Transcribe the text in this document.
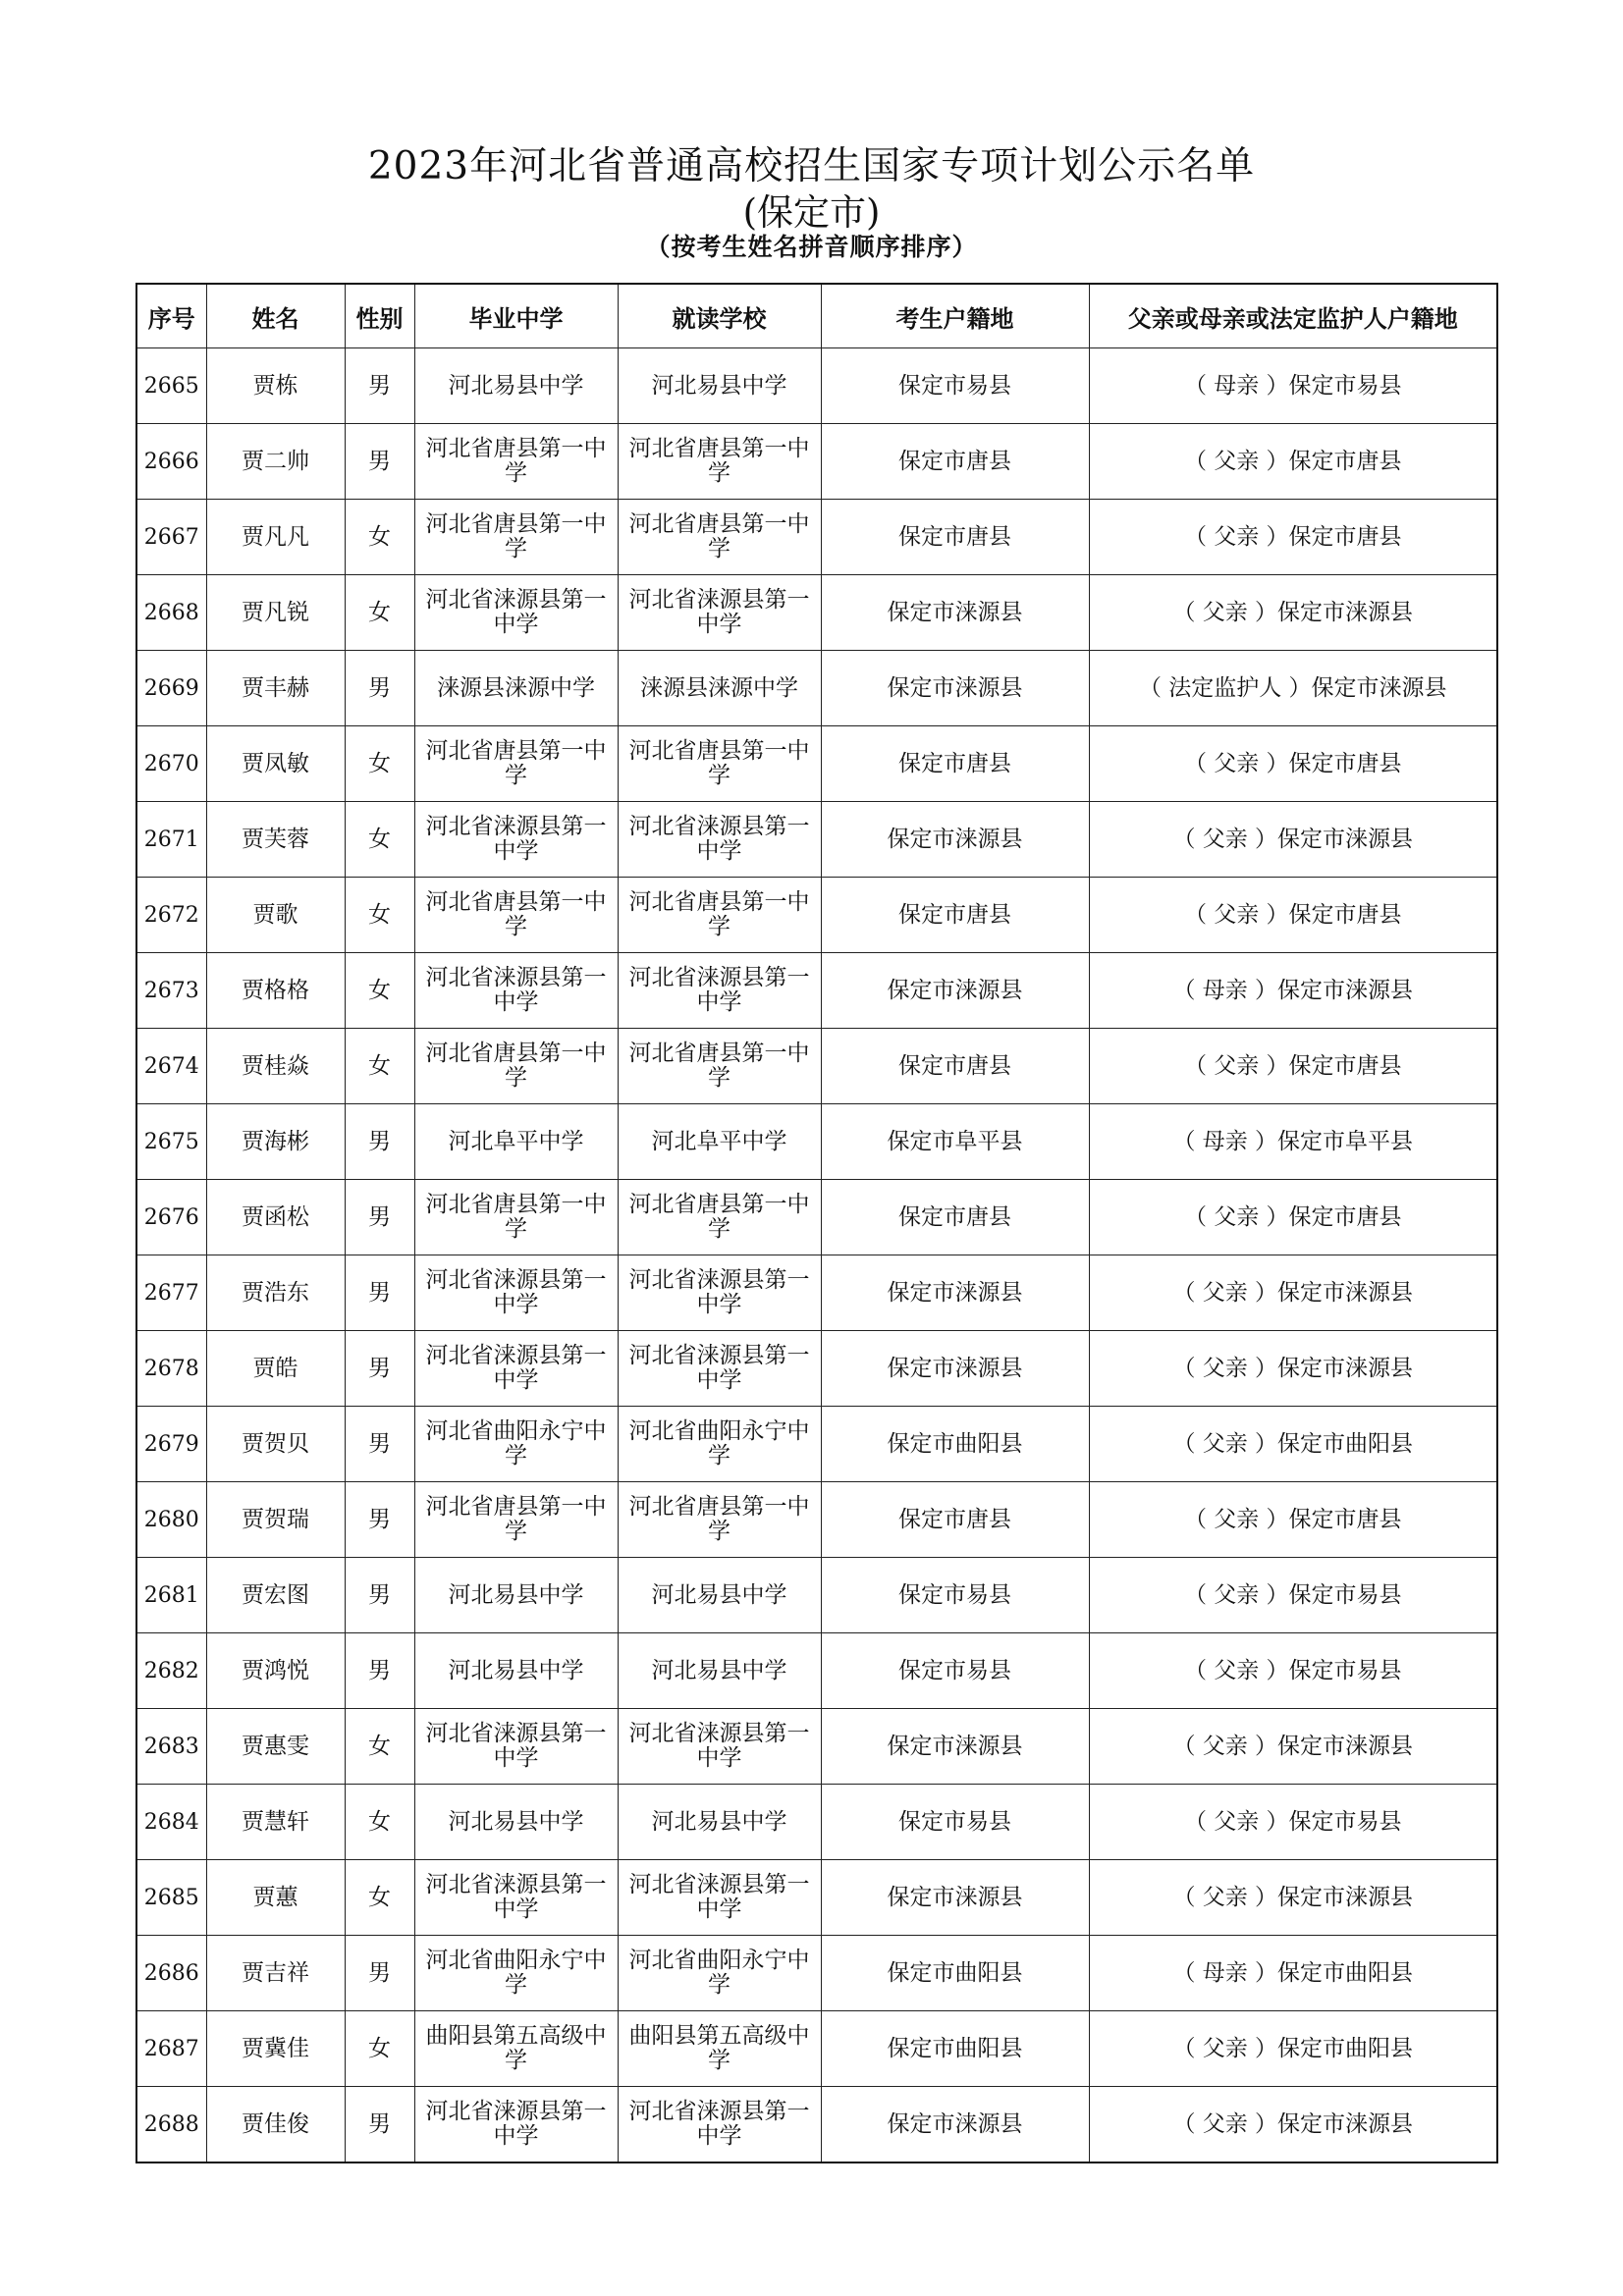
2023年河北省普通高校招生国家专项计划公示名单
(保定市)
（按考生姓名拼音顺序排序）
序号	姓名	性别	毕业中学	就读学校	考生户籍地	父亲或母亲或法定监护人户籍地
2665	贾栋	男	河北易县中学	河北易县中学	保定市易县	（ 母亲 ）保定市易县
2666	贾二帅	男	河北省唐县第一中学	河北省唐县第一中学	保定市唐县	（ 父亲 ）保定市唐县
2667	贾凡凡	女	河北省唐县第一中学	河北省唐县第一中学	保定市唐县	（ 父亲 ）保定市唐县
2668	贾凡锐	女	河北省涞源县第一中学	河北省涞源县第一中学	保定市涞源县	（ 父亲 ）保定市涞源县
2669	贾丰赫	男	涞源县涞源中学	涞源县涞源中学	保定市涞源县	（ 法定监护人 ）保定市涞源县
2670	贾凤敏	女	河北省唐县第一中学	河北省唐县第一中学	保定市唐县	（ 父亲 ）保定市唐县
2671	贾芙蓉	女	河北省涞源县第一中学	河北省涞源县第一中学	保定市涞源县	（ 父亲 ）保定市涞源县
2672	贾歌	女	河北省唐县第一中学	河北省唐县第一中学	保定市唐县	（ 父亲 ）保定市唐县
2673	贾格格	女	河北省涞源县第一中学	河北省涞源县第一中学	保定市涞源县	（ 母亲 ）保定市涞源县
2674	贾桂焱	女	河北省唐县第一中学	河北省唐县第一中学	保定市唐县	（ 父亲 ）保定市唐县
2675	贾海彬	男	河北阜平中学	河北阜平中学	保定市阜平县	（ 母亲 ）保定市阜平县
2676	贾函松	男	河北省唐县第一中学	河北省唐县第一中学	保定市唐县	（ 父亲 ）保定市唐县
2677	贾浩东	男	河北省涞源县第一中学	河北省涞源县第一中学	保定市涞源县	（ 父亲 ）保定市涞源县
2678	贾皓	男	河北省涞源县第一中学	河北省涞源县第一中学	保定市涞源县	（ 父亲 ）保定市涞源县
2679	贾贺贝	男	河北省曲阳永宁中学	河北省曲阳永宁中学	保定市曲阳县	（ 父亲 ）保定市曲阳县
2680	贾贺瑞	男	河北省唐县第一中学	河北省唐县第一中学	保定市唐县	（ 父亲 ）保定市唐县
2681	贾宏图	男	河北易县中学	河北易县中学	保定市易县	（ 父亲 ）保定市易县
2682	贾鸿悦	男	河北易县中学	河北易县中学	保定市易县	（ 父亲 ）保定市易县
2683	贾惠雯	女	河北省涞源县第一中学	河北省涞源县第一中学	保定市涞源县	（ 父亲 ）保定市涞源县
2684	贾慧轩	女	河北易县中学	河北易县中学	保定市易县	（ 父亲 ）保定市易县
2685	贾蕙	女	河北省涞源县第一中学	河北省涞源县第一中学	保定市涞源县	（ 父亲 ）保定市涞源县
2686	贾吉祥	男	河北省曲阳永宁中学	河北省曲阳永宁中学	保定市曲阳县	（ 母亲 ）保定市曲阳县
2687	贾冀佳	女	曲阳县第五高级中学	曲阳县第五高级中学	保定市曲阳县	（ 父亲 ）保定市曲阳县
2688	贾佳俊	男	河北省涞源县第一中学	河北省涞源县第一中学	保定市涞源县	（ 父亲 ）保定市涞源县
